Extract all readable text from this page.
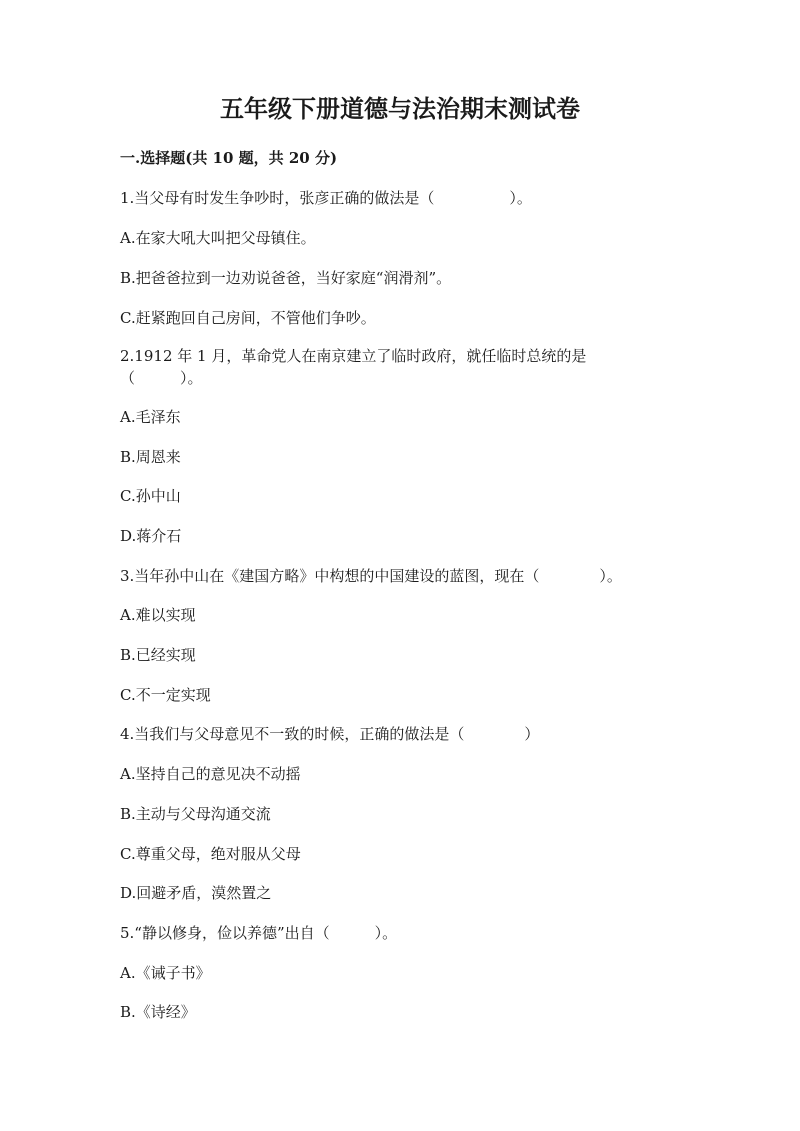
五年级下册道德与法治期末测试卷
一.选择题(共 10 题，共 20 分)
1.当父母有时发生争吵时，张彦正确的做法是（　　　　　）。
A.在家大吼大叫把父母镇住。
B.把爸爸拉到一边劝说爸爸，当好家庭“润滑剂”。
C.赶紧跑回自己房间，不管他们争吵。
2.1912 年 1 月，革命党人在南京建立了临时政府，就任临时总统的是（　　　）。
A.毛泽东
B.周恩来
C.孙中山
D.蒋介石
3.当年孙中山在《建国方略》中构想的中国建设的蓝图，现在（　　　　）。
A.难以实现
B.已经实现
C.不一定实现
4.当我们与父母意见不一致的时候，正确的做法是（　　　　）
A.坚持自己的意见决不动摇
B.主动与父母沟通交流
C.尊重父母，绝对服从父母
D.回避矛盾，漠然置之
5.“静以修身，俭以养德”出自（　　　）。
A.《诫子书》
B.《诗经》
